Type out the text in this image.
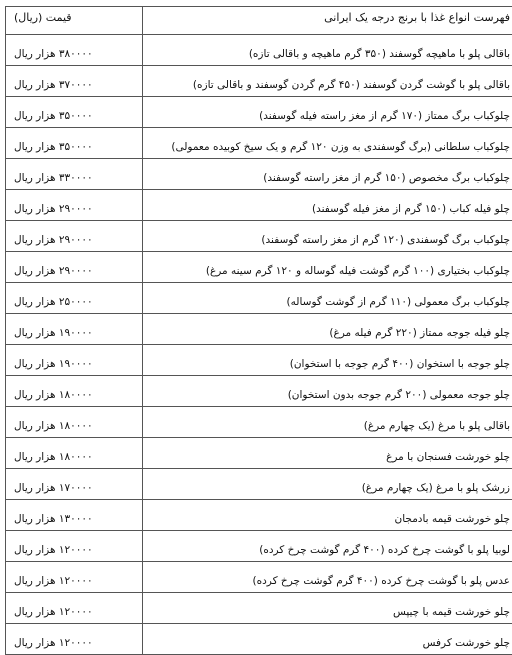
فهرست انواع غذا با برنج درجه یک ایرانی	قیمت (ریال)
باقالی پلو با ماهیچه گوسفند (۳۵۰ گرم ماهیچه و باقالی تازه)	۳۸۰۰۰۰ هزار ریال
باقالی پلو با گوشت گردن گوسفند (۴۵۰ گرم گردن گوسفند و باقالی تازه)	۳۷۰۰۰۰ هزار ریال
چلوکباب برگ ممتاز (۱۷۰ گرم از مغز راسته فیله گوسفند)	۳۵۰۰۰۰ هزار ریال
چلوکباب سلطانی (برگ گوسفندی به وزن ۱۲۰ گرم و یک سیخ کوبیده معمولی)	۳۵۰۰۰۰ هزار ریال
چلوکباب برگ مخصوص (۱۵۰ گرم از مغز راسته گوسفند)	۳۳۰۰۰۰ هزار ریال
چلو فیله کباب (۱۵۰ گرم از مغز فیله گوسفند)	۲۹۰۰۰۰ هزار ریال
چلوکباب برگ گوسفندی (۱۲۰ گرم از مغز راسته گوسفند)	۲۹۰۰۰۰ هزار ریال
چلوکباب بختیاری (۱۰۰ گرم گوشت فیله گوساله و ۱۲۰ گرم سینه مرغ)	۲۹۰۰۰۰ هزار ریال
چلوکباب برگ معمولی (۱۱۰ گرم از گوشت گوساله)	۲۵۰۰۰۰ هزار ریال
چلو فیله جوجه ممتاز (۲۲۰ گرم فیله مرغ)	۱۹۰۰۰۰ هزار ریال
چلو جوجه با استخوان (۴۰۰ گرم جوجه با استخوان)	۱۹۰۰۰۰ هزار ریال
چلو جوجه معمولی (۲۰۰ گرم جوجه بدون استخوان)	۱۸۰۰۰۰ هزار ریال
باقالی پلو با مرغ (یک چهارم مرغ)	۱۸۰۰۰۰ هزار ریال
چلو خورشت فسنجان با مرغ	۱۸۰۰۰۰ هزار ریال
زرشک پلو با مرغ (یک چهارم مرغ)	۱۷۰۰۰۰ هزار ریال
چلو خورشت قیمه بادمجان	۱۳۰۰۰۰ هزار ریال
لوبیا پلو با گوشت چرخ کرده (۴۰۰ گرم گوشت چرخ کرده)	۱۲۰۰۰۰ هزار ریال
عدس پلو با گوشت چرخ کرده (۴۰۰ گرم گوشت چرخ کرده)	۱۲۰۰۰۰ هزار ریال
چلو خورشت قیمه با چیپس	۱۲۰۰۰۰ هزار ریال
چلو خورشت کرفس	۱۲۰۰۰۰ هزار ریال
